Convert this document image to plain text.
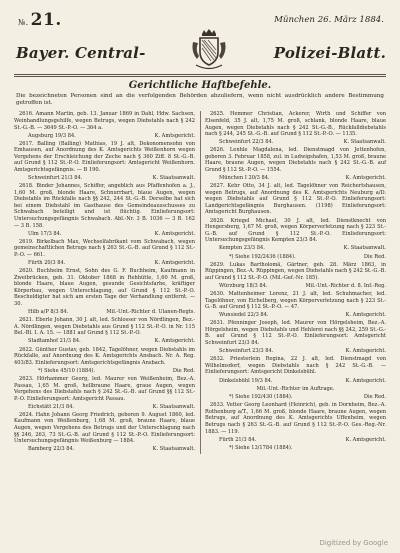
№. 21.	München 26. März 1884.
Bayer. Central-	Polizei-Blatt.
Gerichtliche Haftbefehle.
Die bezeichneten Personen sind an die verfolgenden Behörden abzuliefern, wenn nicht ausdrücklich andere Bestimmung getroffen ist.
2616. Amann Martin, geb. 13. Januar 1869 in Dahl, Hdw. Sachsen, Weinhandlungsgehilfe, wegen Betrugs, wegen Diebstahls nach § 242 St.-G.-B. — 3649 St.-P.-O. — 364 a.
Augsburg 19/3 84.	K. Amtsgericht.
2617. Balling (Balling) Mathias, 19 J. alt, Dekonomensohn von Emhausen, auf Anordnung des K. Amtsgerichts Weißenhorn wegen Vergehens der Erschleichung der Zeche nach § 360 Ziff. 8 St.-G.-B. auf Grund § 112 St.-P.-O. Einlieferungsort: Amtsgericht Weißenhorn. Amtsgerichtsgefängnis. — B 190.
Schweinfurt 21/3 84.	K. Staatsanwalt.
2618. Binder Johannes, Schiffer, angeblich aus Pfaffenhofen a. J., 1,60 M. groß, blonde Haare, Schnurrbart, blaue Augen, wegen Diebstahls im Rückfalle nach §§ 242, 244 St.-G.-B. Derselbe hat sich bei einem Diebstahl im Gasthause des Gemeindeausschusses zu Schwabach beteiligt und ist flüchtig. Einlieferungsort: Untersuchungsgefängnis Schwabach. Abl.-Nr. 3 B. 1036 — 3 B. 162 — 3 B. 158.
Ulm 17/3 84.	K. Amtsgericht.
2619. Birkelbach Max, Wechselfabrikant vom Schwabach, wegen gemeinschaftlichen Betrugs nach § 263 St.-G.-B. auf Grund § 112 St.-P.-O. — 661.
Fürth 20/3 84.	K. Amtsgericht.
2620. Buchheim Ernst, Sohn des G. F. Buchheim, Kaufmann in Zweibrücken, geb. 31. Oktober 1868 in Rehhütte, 1,60 M. groß, blonde Haare, blaue Augen, gesunde Gesichtsfarbe, kräftiger Körperbau, wegen Unterschlagung, auf Grund § 112 St.-P.-O. Beschuldigter hat sich am ersten Tage der Verhandlung entfernt. — 30.
Hilb a/P 8/3 84.	Mil.-Unt.-Richter d. Ulanen-Regts.
2621. Eberle Johann, 30 J. alt, led. Schlosser von Nördlingen, Bez.-A. Nördlingen, wegen Diebstahls aus Grund § 112 St.-P.-O. in Nr. 115 Bel.-Bl. I. A. 15. — 1881 auf Grund § 112 St.-P.-O.
Stadtamhof 21/3 84.	K. Amtsgericht.
2622. Günther Gustav, geb. 1842, Tagelöhner, wegen Diebstahls im Rückfalle, auf Anordnung des K. Amtsgerichts Ansbach. Nr. A. Reg. 403/83. Einlieferungsort: Amtsgerichtsgefängnis Ansbach.
*) Siehe 45/10 (1884).	Die Red.
2623. Hörhammer Georg, led. Maurer von Weißenheim, Bez.-A. Passau, 1,65 M. groß, hellbraune Haare, graue Augen, wegen Vergehens des Diebstahls nach § 242 St.-G.-B. auf Grund §§ 112 St.-P.-O. Einlieferungsort: Amtsgericht Passau.
Eichstätt 21/3 84.	K. Staatsanwalt.
2624. Hahn Johann Georg Friedrich, geboren 9. August 1860, led. Kaufmann von Weißenburg, 1,68 M. groß, braune Haare, blaue Augen, wegen Vergehens des Betrugs und der Unterschlagung nach §§ 246, 263, 73 St.-G.-B. auf Grund § 112 St.-P.-O. Einlieferungsort: Untersuchungsgefängnis Weißenburg — 1884.
Bamberg 22/3 84.	K. Staatsanwalt.
2625. Hemmer Christian, Ackerer, Wirth und Schiffer von Elsenfeld, 35 J. alt, 1,75 M. groß, schlank, blonde Haare, blaue Augen, wegen Diebstahls nach § 242 St.-G.-B., Rückfalldiebstahls nach § 244, 245 St.-G.-B. auf Grund § 112 St.-P.-O. — 1135.
Schweinfurt 22/3 84.	K. Staatsanwalt.
2626. Lenhle Magdalena, led. Dienstmagd von Jettenhofen, geboren 3. Februar 1858, zul. in Ludwigshafen, 1,53 M. groß, braune Haare, braune Augen, wegen Diebstahls nach § 242 St.-G.-B. auf Grund § 112 St.-P.-O. — 1554.
München I 20/3 84.	K. Amtsgericht.
2627. Kehr Otto, 34 J. alt, led. Tagelöhner von Reichertshausen, wegen Betrugs, auf Anordnung des K. Amtsgerichts Neuburg a/D. wegen Diebstahls auf Grund § 112 St.-P.-O. Einlieferungsort: Landgerichtsgefängnis Burghausen. (1198) Einlieferungsort: Amtsgericht Burghausen.
2628. Kriegel Michael, 30 J. alt, led. Dienstknecht von Hengersberg, 1,67 M. groß, wegen Körperverletzung nach § 223 St.-G.-B. auf Grund § 112 St.-P.-O. Einlieferungsort: Untersuchungsgefängnis Kempten 23/3 84.
Kempten 23/3 84.	K. Staatsanwalt.
*) Siehe 192/2436 (1884).	Die Red.
2629. Lukas Bartholomä, Gärtner, geb. 28. März 1863, in Rüppingen, Bez.-A. Rüppingen, wegen Diebstahls nach § 242 St.-G.-B. auf Grund § 112 St.-P.-O. (Mil.-Gef.-Nr. 185).
Würzburg 18/3 84.	Mil.-Unt.-Richter d. 8. Inf.-Reg.
2630. Mattenheimer Lorenz, 21 J. alt, led. Schuhmacher, led. Tagelöhner, von Eichelberg, wegen Körperverletzung nach § 223 St.-G.-B. auf Grund § 112 St.-P.-O. — 47.
Wunsiedel 22/3 84.	K. Amtsgericht.
2631. Pfenninger Joseph, led. Maurer von Hörgelsheim, Bez.-A. Hörgelsheim, wegen Diebstahls und Hehlerei nach §§ 242, 259 St.-G.-B. auf Grund § 112 St.-P.-O. Einlieferungsort: Amtsgericht Schweinfurt 23/3 84.
Schweinfurt 23/3 84.	K. Amtsgericht.
2632. Priesterlein Regina, 22 J. alt, led. Dienstmagd von Wilhelmsdorf, wegen Diebstahls nach § 242 St.-G.-B. — Einlieferungsort: Amtsgericht Dinkelsbühl.
Dinkelsbühl 19/3 84.	K. Amtsgericht.
Mil.-Unt.-Richter im Auftrage.
*) Siehe 192/430 (1884).	Die Red.
2633. Vetter Georg Leonhard (Heinrich), geb. in Dornheim, Bez.-A. Rothenburg a/T., 1,66 M. groß, blonde Haare, braune Augen, wegen Betrugs, auf Anordnung des K. Amtsgerichts Uffenheim, wegen Betrugs nach § 263 St.-G.-B. auf Grund § 112 St.-P.-O. Ges.-Reg.-Nr. 1883. — 119.
Fürth 21/3 84.	K. Amtsgericht.
*) Siehe 13/1784 (1884).
Digitized by Google
